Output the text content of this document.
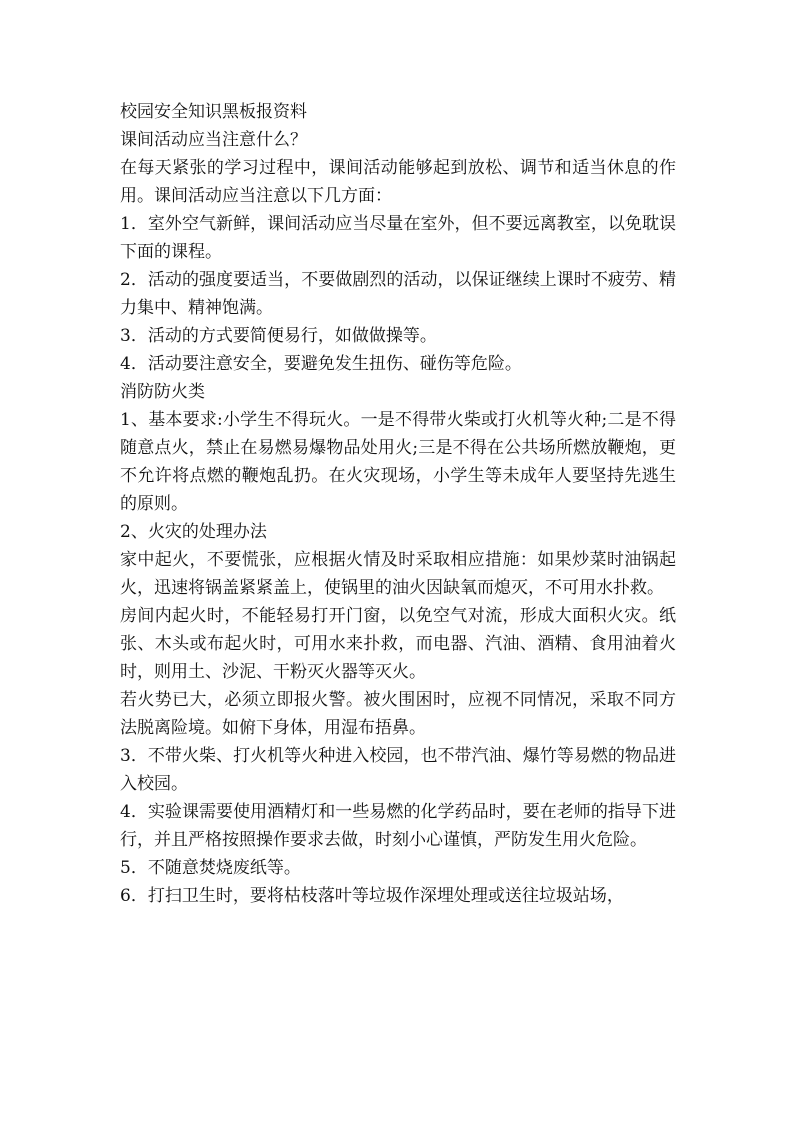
校园安全知识黑板报资料

课间活动应当注意什么？

在每天紧张的学习过程中，课间活动能够起到放松、调节和适当休息的作用。课间活动应当注意以下几方面：

1．室外空气新鲜，课间活动应当尽量在室外，但不要远离教室，以免耽误下面的课程。

2．活动的强度要适当，不要做剧烈的活动，以保证继续上课时不疲劳、精力集中、精神饱满。

3．活动的方式要简便易行，如做做操等。

4．活动要注意安全，要避免发生扭伤、碰伤等危险。

消防防火类

1、基本要求:小学生不得玩火。一是不得带火柴或打火机等火种;二是不得随意点火，禁止在易燃易爆物品处用火;三是不得在公共场所燃放鞭炮，更不允许将点燃的鞭炮乱扔。在火灾现场，小学生等未成年人要坚持先逃生的原则。

2、火灾的处理办法

家中起火，不要慌张，应根据火情及时采取相应措施：如果炒菜时油锅起火，迅速将锅盖紧紧盖上，使锅里的油火因缺氧而熄灭，不可用水扑救。

房间内起火时，不能轻易打开门窗，以免空气对流，形成大面积火灾。纸张、木头或布起火时，可用水来扑救，而电器、汽油、酒精、食用油着火时，则用土、沙泥、干粉灭火器等灭火。

若火势已大，必须立即报火警。被火围困时，应视不同情况，采取不同方法脱离险境。如俯下身体，用湿布捂鼻。

3．不带火柴、打火机等火种进入校园，也不带汽油、爆竹等易燃的物品进入校园。

4．实验课需要使用酒精灯和一些易燃的化学药品时，要在老师的指导下进行，并且严格按照操作要求去做，时刻小心谨慎，严防发生用火危险。

5．不随意焚烧废纸等。

6．打扫卫生时，要将枯枝落叶等垃圾作深埋处理或送往垃圾站场，
